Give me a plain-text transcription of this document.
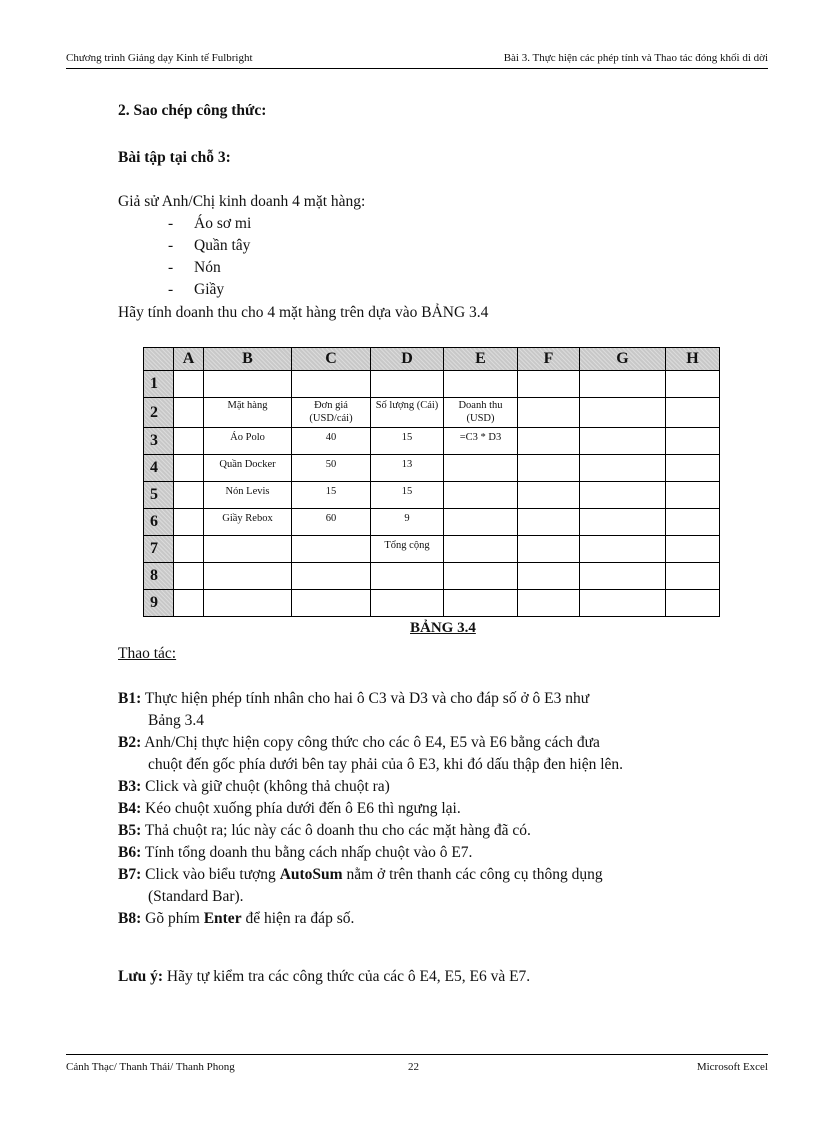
Chương trình Giảng dạy Kinh tế Fulbright	Bài 3. Thực hiện các phép tính và Thao tác đóng khối di dời
2. Sao chép công thức:
Bài tập tại chỗ 3:
Giả sử Anh/Chị kinh doanh 4 mặt hàng:
- Áo sơ mi
- Quần tây
- Nón
- Giầy
Hãy tính doanh thu cho 4 mặt hàng trên dựa vào BẢNG 3.4
	A	B	C	D	E	F	G	H
1								
2		Mặt hàng	Đơn giá (USD/cái)	Số lượng (Cái)	Doanh thu (USD)			
3		Áo Polo	40	15	=C3 * D3			
4		Quần Docker	50	13				
5		Nón Levis	15	15				
6		Giầy Rebox	60	9				
7				Tổng cộng				
8								
9								
BẢNG 3.4
Thao tác:
B1: Thực hiện phép tính nhân cho hai ô C3 và D3 và cho đáp số ở ô E3 như
Bảng 3.4
B2: Anh/Chị thực hiện copy công thức cho các ô E4, E5 và E6 bằng cách đưa
chuột đến gốc phía dưới bên tay phải của ô E3, khi đó dấu thập đen hiện lên.
B3: Click và giữ chuột (không thả chuột ra)
B4: Kéo chuột xuống phía dưới đến ô E6 thì ngưng lại.
B5: Thả chuột ra; lúc này các ô doanh thu cho các mặt hàng đã có.
B6: Tính tổng doanh thu bằng cách nhấp chuột vào ô E7.
B7: Click vào biểu tượng AutoSum nằm ở trên thanh các công cụ thông dụng
(Standard Bar).
B8: Gõ phím Enter để hiện ra đáp số.
Lưu ý: Hãy tự kiểm tra các công thức của các ô E4, E5, E6 và E7.
Cảnh Thạc/ Thanh Thái/ Thanh Phong	22	Microsoft Excel
